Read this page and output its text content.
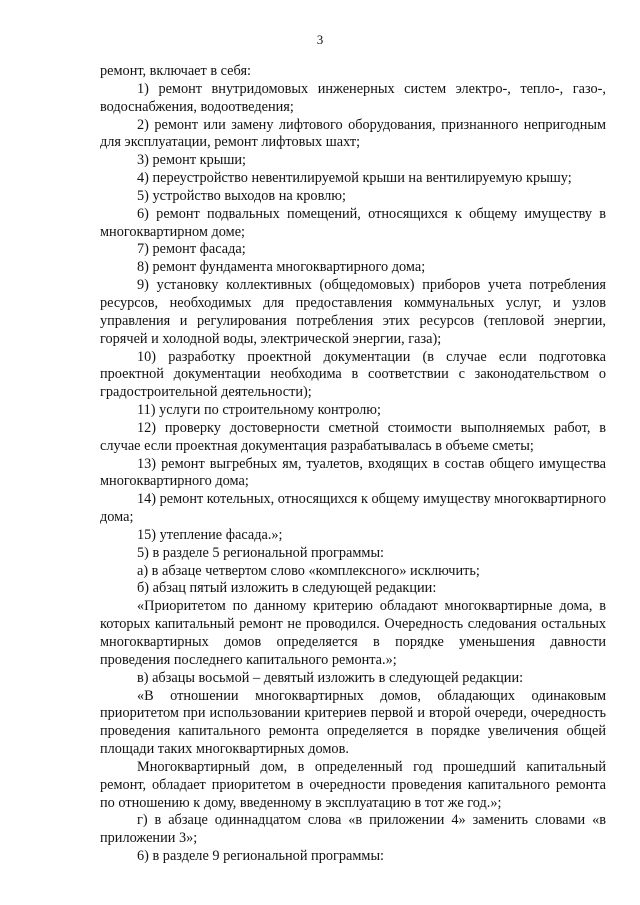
3

ремонт, включает в себя:

1) ремонт внутридомовых инженерных систем электро-, тепло-, газо-, водоснабжения, водоотведения;

2) ремонт или замену лифтового оборудования, признанного непригодным для эксплуатации, ремонт лифтовых шахт;

3) ремонт крыши;

4) переустройство невентилируемой крыши на вентилируемую крышу;

5) устройство выходов на кровлю;

6) ремонт подвальных помещений, относящихся к общему имуществу в многоквартирном доме;

7) ремонт фасада;

8) ремонт фундамента многоквартирного дома;

9) установку коллективных (общедомовых) приборов учета потребления ресурсов, необходимых для предоставления коммунальных услуг, и узлов управления и регулирования потребления этих ресурсов (тепловой энергии, горячей и холодной воды, электрической энергии, газа);

10) разработку проектной документации (в случае если подготовка проектной документации необходима в соответствии с законодательством о градостроительной деятельности);

11) услуги по строительному контролю;

12) проверку достоверности сметной стоимости выполняемых работ, в случае если проектная документация разрабатывалась в объеме сметы;

13) ремонт выгребных ям, туалетов, входящих в состав общего имущества многоквартирного дома;

14) ремонт котельных, относящихся к общему имуществу многоквартирного дома;

15) утепление фасада.»;

5) в разделе 5 региональной программы:

а) в абзаце четвертом слово «комплексного» исключить;

б) абзац пятый изложить в следующей редакции:

«Приоритетом по данному критерию обладают многоквартирные дома, в которых капитальный ремонт не проводился. Очередность следования остальных многоквартирных домов определяется в порядке уменьшения давности проведения последнего капитального ремонта.»;

в) абзацы восьмой – девятый изложить в следующей редакции:

«В отношении многоквартирных домов, обладающих одинаковым приоритетом при использовании критериев первой и второй очереди, очередность проведения капитального ремонта определяется в порядке увеличения общей площади таких многоквартирных домов.

Многоквартирный дом, в определенный год прошедший капитальный ремонт, обладает приоритетом в очередности проведения капитального ремонта по отношению к дому, введенному в эксплуатацию в тот же год.»;

г) в абзаце одиннадцатом слова «в приложении 4» заменить словами «в приложении 3»;

6) в разделе 9 региональной программы:
